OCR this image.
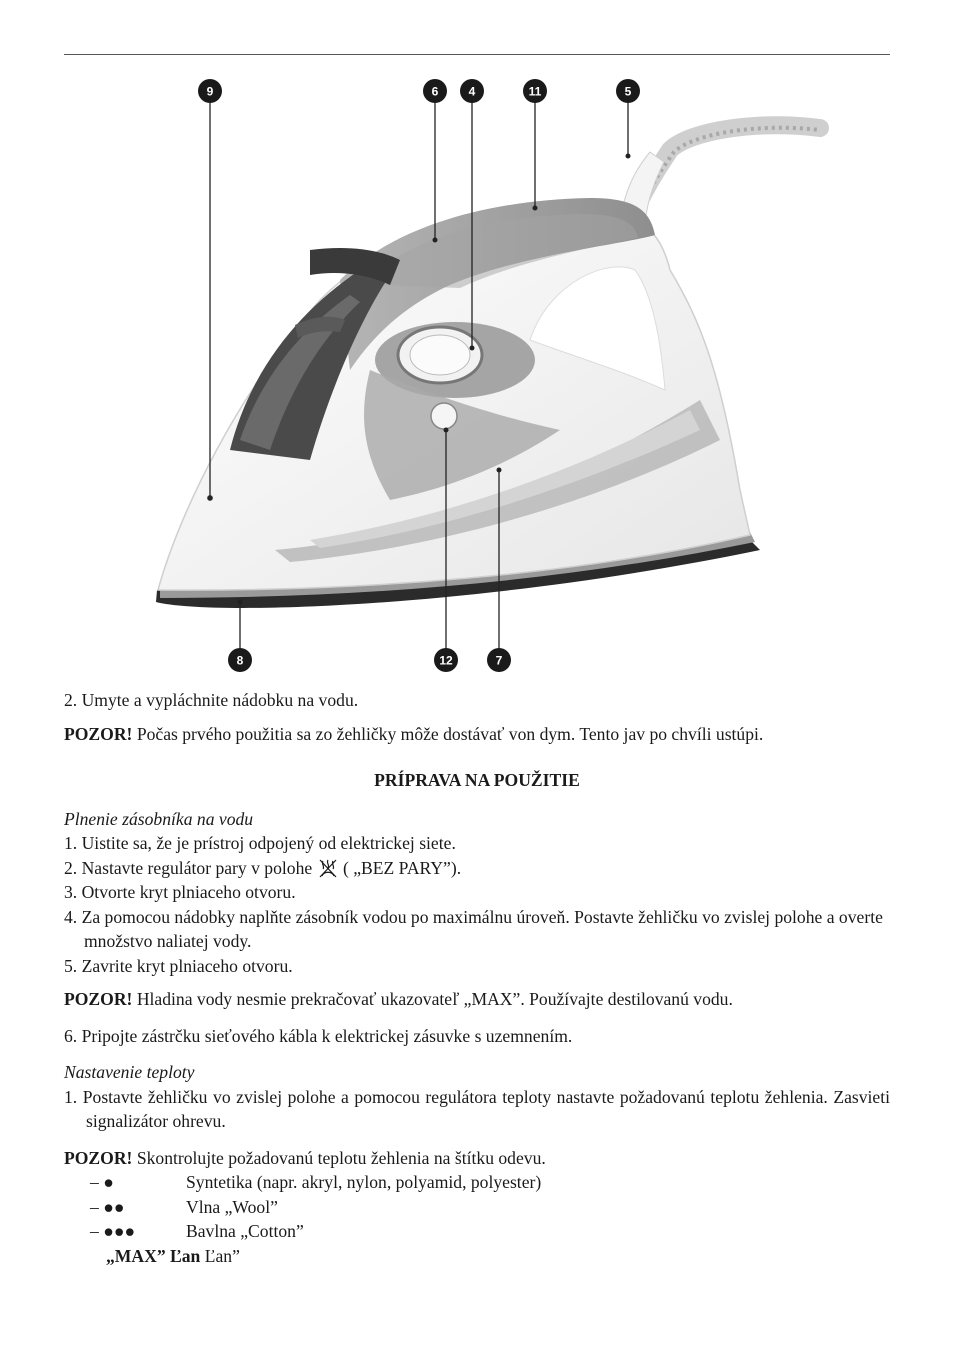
9	6	4	11	5
8	12	7

2. Umyte a vypláchnite nádobku na vodu.

POZOR! Počas prvého použitia sa zo žehličky môže dostávať von dym. Tento jav po chvíli ustúpi.

PRÍPRAVA NA POUŽITIE

Plnenie zásobníka na vodu

1. Uistite sa, že je prístroj odpojený od elektrickej siete.

2. Nastavte regulátor pary v polohe  ( „BEZ PARY”).

3. Otvorte kryt plniaceho otvoru.

4. Za pomocou nádobky naplňte zásobník vodou po maximálnu úroveň. Postavte žehličku vo zvislej polohe a overte množstvo naliatej vody.

5. Zavrite kryt plniaceho otvoru.

POZOR! Hladina vody nesmie prekračovať ukazovateľ „MAX”. Používajte destilovanú vodu.

6. Pripojte zástrčku sieťového kábla k elektrickej zásuvke s uzemnením.

Nastavenie teploty

1. Postavte žehličku vo zvislej polohe a pomocou regulátora teploty nastavte požadovanú teplotu žehlenia. Zasvieti signalizátor ohrevu.

POZOR! Skontrolujte požadovanú teplotu žehlenia na štítku odevu.

– ●	Syntetika (napr. akryl, nylon, polyamid, polyester)
– ●●	Vlna „Wool”
– ●●●	Bavlna „Cotton”

„MAX” Ľan Ľan”
